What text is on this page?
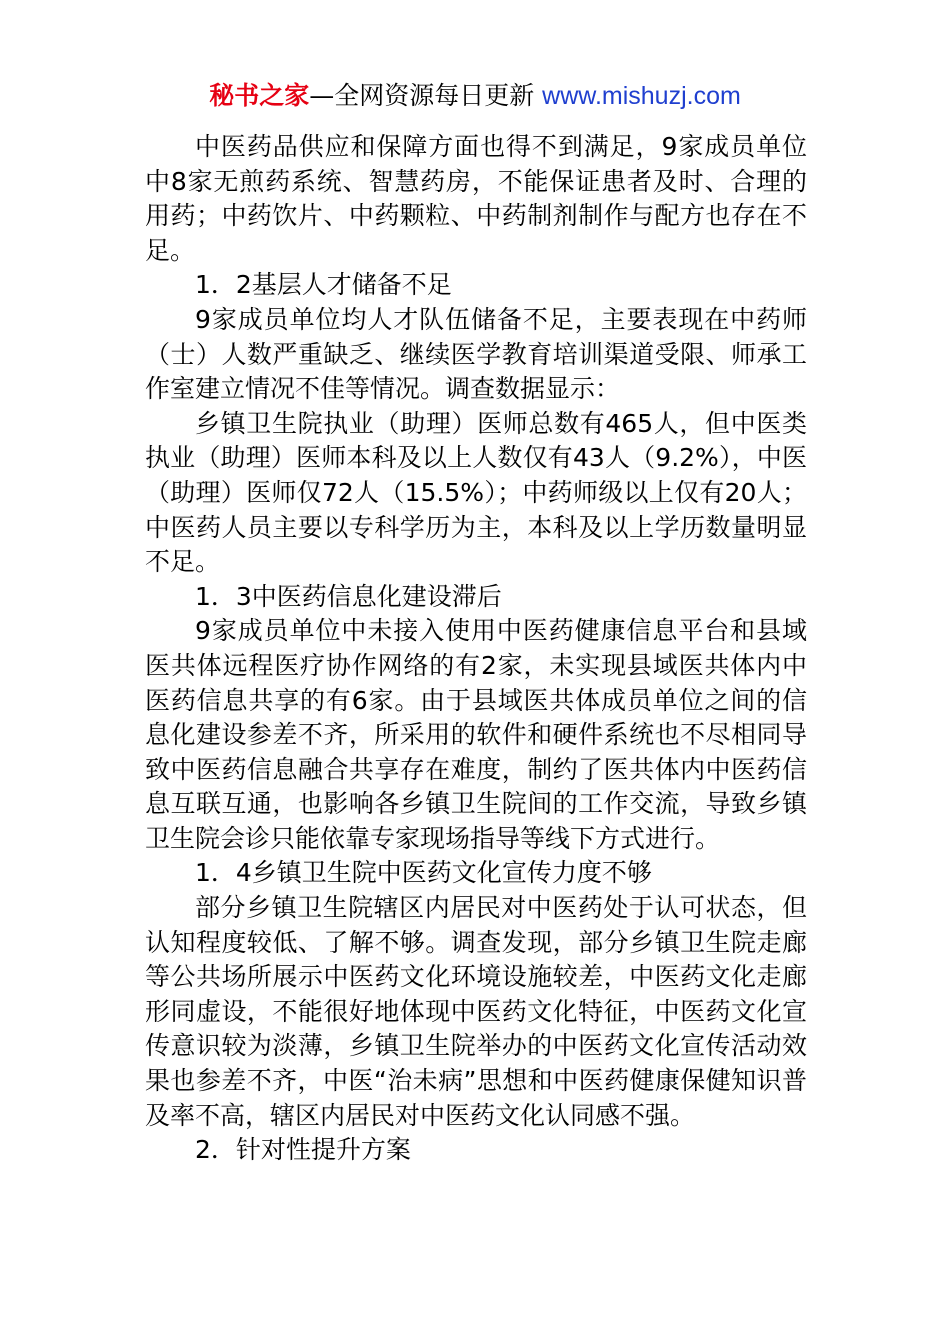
秘书之家—全网资源每日更新 www.mishuzj.com

中医药品供应和保障方面也得不到满足，9家成员单位中8家无煎药系统、智慧药房，不能保证患者及时、合理的用药；中药饮片、中药颗粒、中药制剂制作与配方也存在不足。

1．2基层人才储备不足

9家成员单位均人才队伍储备不足，主要表现在中药师（士）人数严重缺乏、继续医学教育培训渠道受限、师承工作室建立情况不佳等情况。调查数据显示：

乡镇卫生院执业（助理）医师总数有465人，但中医类执业（助理）医师本科及以上人数仅有43人（9.2%），中医（助理）医师仅72人（15.5%）；中药师级以上仅有20人；中医药人员主要以专科学历为主，本科及以上学历数量明显不足。

1．3中医药信息化建设滞后

9家成员单位中未接入使用中医药健康信息平台和县域医共体远程医疗协作网络的有2家，未实现县域医共体内中医药信息共享的有6家。由于县域医共体成员单位之间的信息化建设参差不齐，所采用的软件和硬件系统也不尽相同导致中医药信息融合共享存在难度，制约了医共体内中医药信息互联互通，也影响各乡镇卫生院间的工作交流，导致乡镇卫生院会诊只能依靠专家现场指导等线下方式进行。

1．4乡镇卫生院中医药文化宣传力度不够

部分乡镇卫生院辖区内居民对中医药处于认可状态，但认知程度较低、了解不够。调查发现，部分乡镇卫生院走廊等公共场所展示中医药文化环境设施较差，中医药文化走廊形同虚设，不能很好地体现中医药文化特征，中医药文化宣传意识较为淡薄，乡镇卫生院举办的中医药文化宣传活动效果也参差不齐，中医“治未病”思想和中医药健康保健知识普及率不高，辖区内居民对中医药文化认同感不强。

2．针对性提升方案
